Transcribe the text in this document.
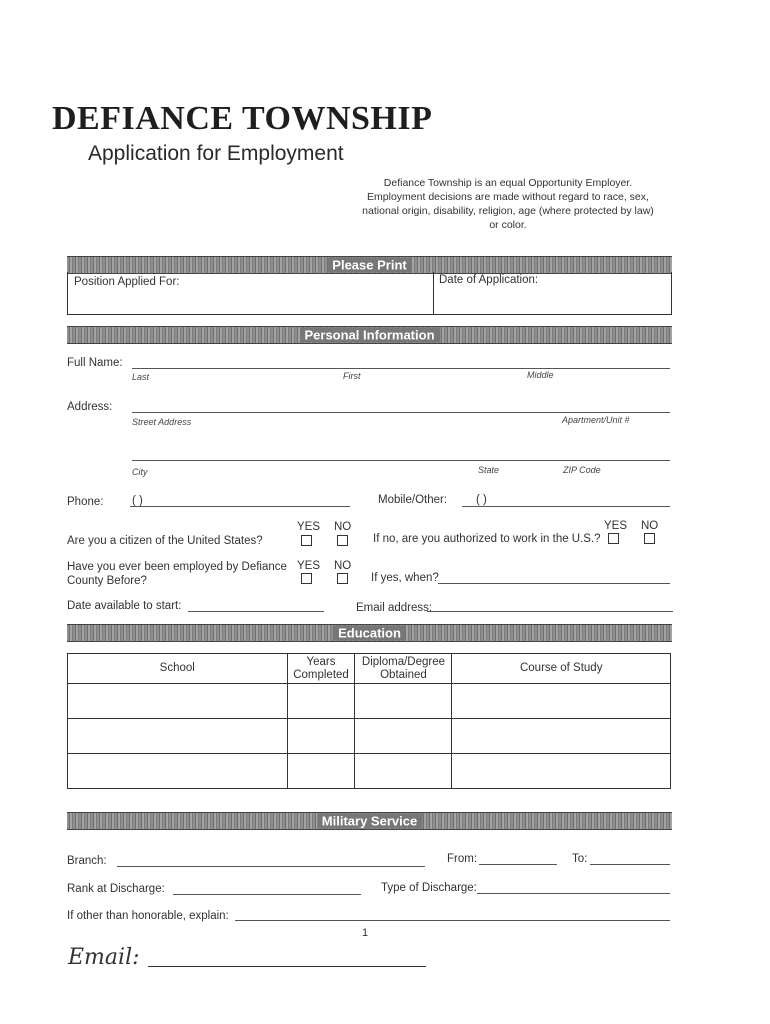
DEFIANCE TOWNSHIP
Application for Employment
Defiance Township is an equal Opportunity Employer. Employment decisions are made without regard to race, sex, national origin, disability, religion, age (where protected by law) or color.
Please Print
Position Applied For:	Date of Application:
Personal Information
Full Name:
Last	First	Middle
Address:
Street Address	Apartment/Unit #
City	State	ZIP Code
Phone: ( )	Mobile/Other:	( )
YES NO
Are you a citizen of the United States?
YES NO
If no, are you authorized to work in the U.S.?
Have you ever been employed by Defiance County Before?
YES NO
If yes, when?
Date available to start:	Email address:
Education
School	Years Completed	Diploma/Degree Obtained	Course of Study

Military Service
Branch:	From:	To:
Rank at Discharge:	Type of Discharge:
If other than honorable, explain:
1
Email:
